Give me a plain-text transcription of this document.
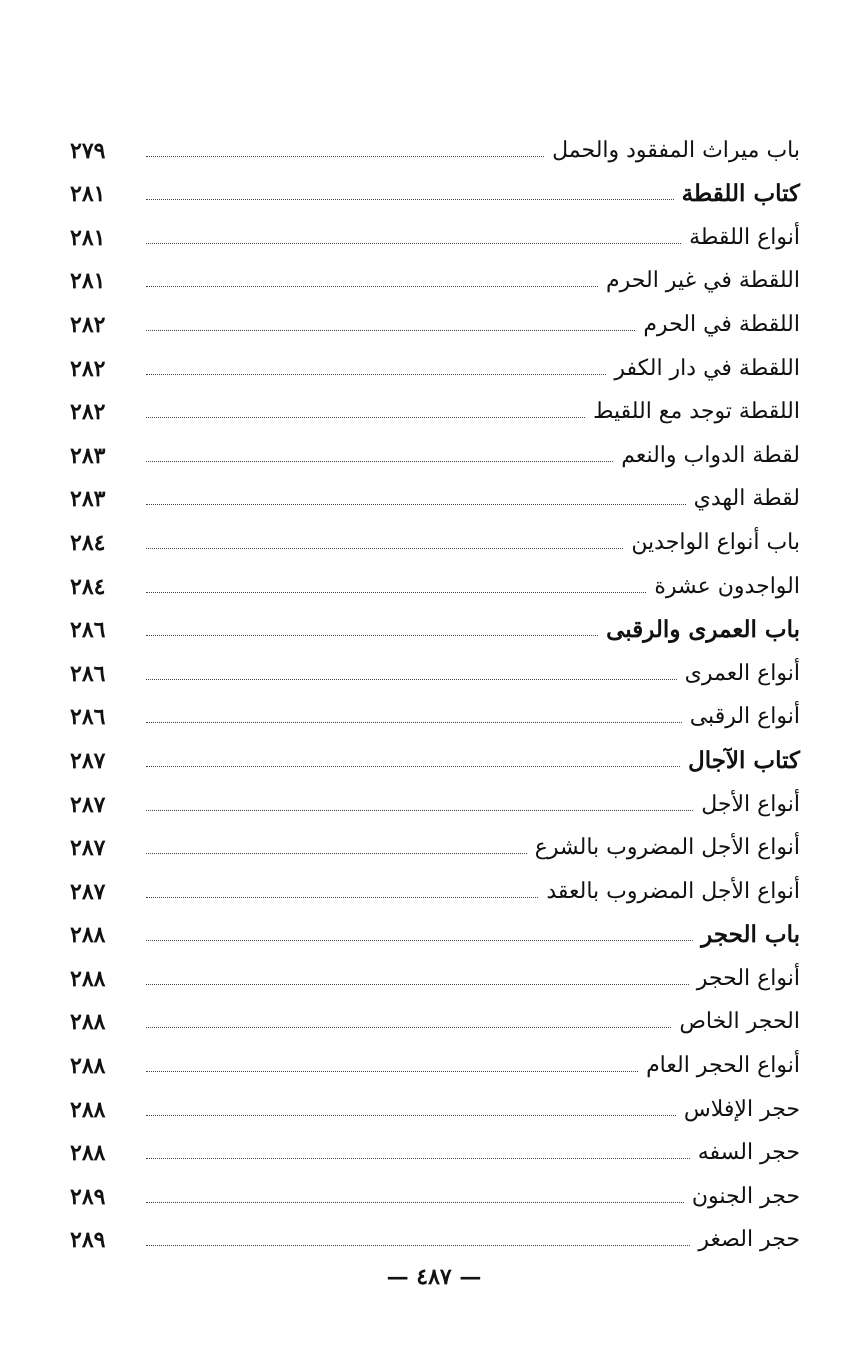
باب ميراث المفقود والحمل
٢٧٩
كتاب اللقطة
٢٨١
أنواع اللقطة
٢٨١
اللقطة في غير الحرم
٢٨١
اللقطة في الحرم
٢٨٢
اللقطة في دار الكفر
٢٨٢
اللقطة توجد مع اللقيط
٢٨٢
لقطة الدواب والنعم
٢٨٣
لقطة الهدي
٢٨٣
باب أنواع الواجدين
٢٨٤
الواجدون عشرة
٢٨٤
باب العمرى والرقبى
٢٨٦
أنواع العمرى
٢٨٦
أنواع الرقبى
٢٨٦
كتاب الآجال
٢٨٧
أنواع الأجل
٢٨٧
أنواع الأجل المضروب بالشرع
٢٨٧
أنواع الأجل المضروب بالعقد
٢٨٧
باب الحجر
٢٨٨
أنواع الحجر
٢٨٨
الحجر الخاص
٢٨٨
أنواع الحجر العام
٢٨٨
حجر الإفلاس
٢٨٨
حجر السفه
٢٨٨
حجر الجنون
٢٨٩
حجر الصغر
٢٨٩
— ٤٨٧ —
